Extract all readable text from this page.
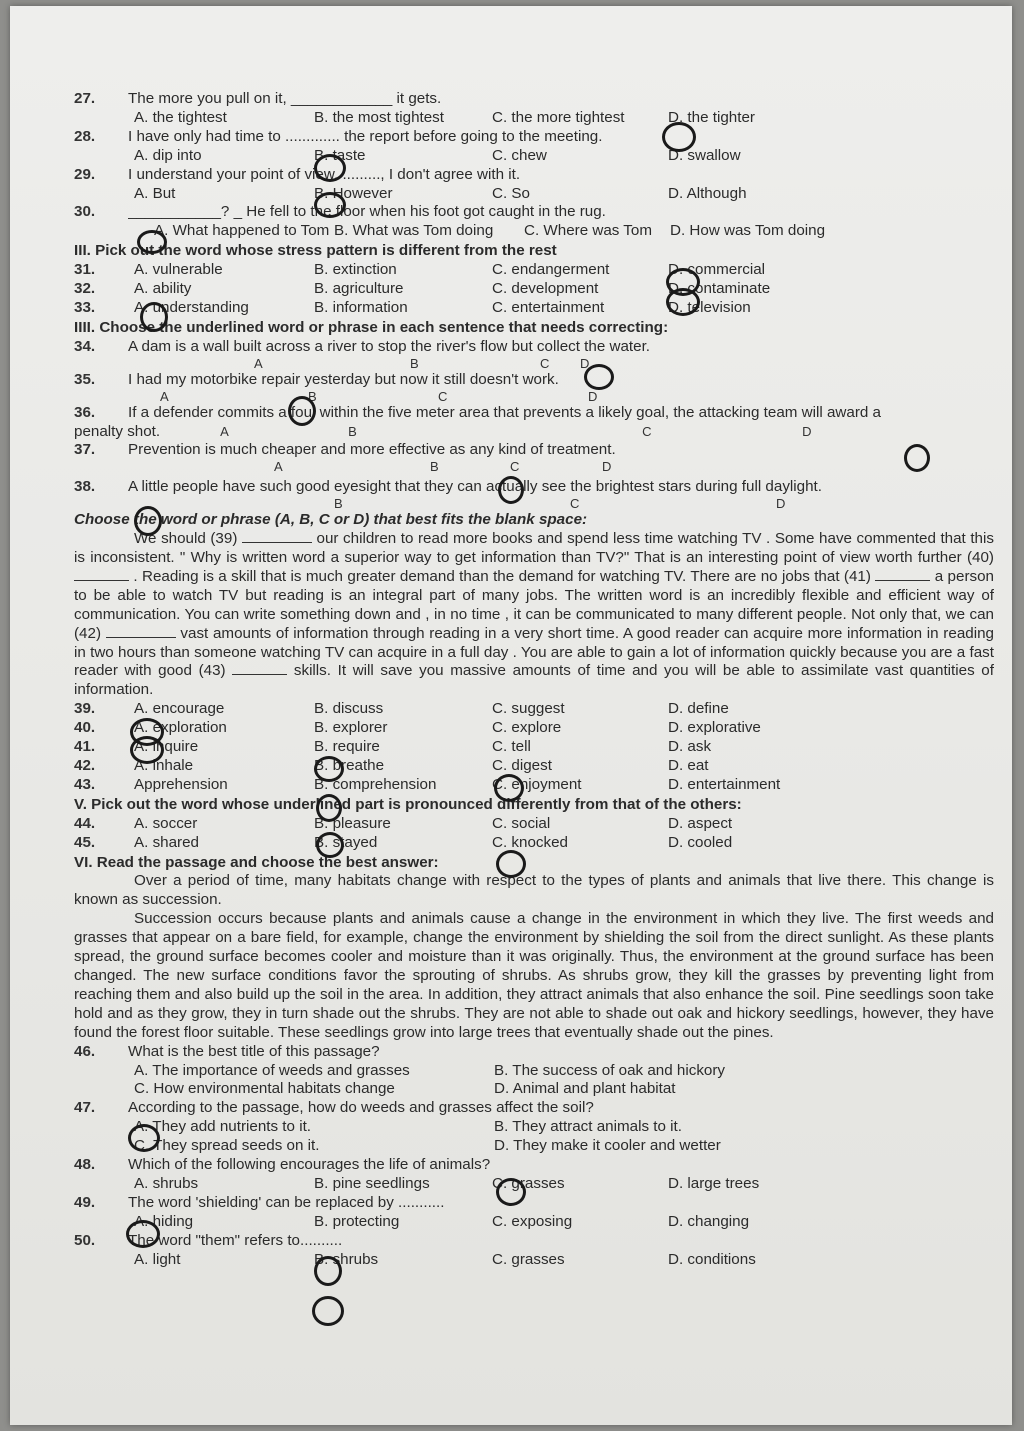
27.	The more you pull on it, ____________ it gets.
A. the tightest	B. the most tightest	C. the more tightest	D. the tighter
28.	I have only had time to ............. the report before going to the meeting.
A. dip into	B. taste	C. chew	D. swallow
29.	I understand your point of view. ........., I don't agree with it.
A. But	B. However	C. So	D. Although
30.	___________? _ He fell to the floor when his foot got caught in the rug.
A. What happened to Tom B. What was Tom doing	C. Where was Tom	D. How was Tom doing
III. Pick out the word whose stress pattern is different from the rest
31.	A. vulnerable	B. extinction	C. endangerment	D. commercial
32.	A. ability	B. agriculture	C. development	D. contaminate
33.	A. understanding	B. information	C. entertainment	D. television
IIII. Choose the underlined word or phrase in each sentence that needs correcting:
34.	A dam is a wall built across a river to stop the river's flow but collect the water.
A	B	C	D
35.	I had my motorbike repair yesterday but now it still doesn't work.
A	B	C	D
36.	If a defender commits a foul within the five meter area that prevents a likely goal, the attacking team will award a
penalty shot.	A	B	C	D
37.	Prevention is much cheaper and more effective as any kind of treatment.
A	B	C	D
38.	A little people have such good eyesight that they can actually see the brightest stars during full daylight.
B	C	D
Choose the word or phrase (A, B, C or D) that best fits the blank space:
We should (39)	our children to read more books and spend less time watching TV . Some have commented that this is inconsistent. " Why is written word a superior way to get information than TV?" That is an interesting point of view worth further (40)  . Reading is a skill that is much greater demand than the demand for watching TV. There are no jobs that (41)	a person to be able to watch TV but reading is an integral part of many jobs. The written word is an incredibly flexible and efficient way of communication. You can write something down and , in no time , it can be communicated to many different people. Not only that, we can (42)	vast amounts of information through reading in a very short time. A good reader can acquire more information in reading in two hours than someone watching TV can acquire in a full day . You are able to gain a lot of information quickly because you are a fast reader with good (43)	skills. It will save you massive amounts of time and you will be able to assimilate vast quantities of information.
39.	A. encourage	B. discuss	C. suggest	D. define
40.	A. exploration	B. explorer	C. explore	D. explorative
41.	A. inquire	B. require	C. tell	D. ask
42.	A. inhale	B. breathe	C. digest	D. eat
43.	Apprehension	B. comprehension	C. enjoyment	D. entertainment
V. Pick out the word whose underlined part is pronounced differently from that of the others:
44.	A. soccer	B. pleasure	C. social	D. aspect
45.	A. shared	B. stayed	C. knocked	D. cooled
VI. Read the passage and choose the best answer:
Over a period of time, many habitats change with respect to the types of plants and animals that live there. This change is known as succession.
Succession occurs because plants and animals cause a change in the environment in which they live. The first weeds and grasses that appear on a bare field, for example, change the environment by shielding the soil from the direct sunlight. As these plants spread, the ground surface becomes cooler and moisture than it was originally. Thus, the environment at the ground surface has been changed. The new surface conditions favor the sprouting of shrubs. As shrubs grow, they kill the grasses by preventing light from reaching them and also build up the soil in the area. In addition, they attract animals that also enhance the soil. Pine seedlings soon take hold and as they grow, they in turn shade out the shrubs. They are not able to shade out oak and hickory seedlings, however, they have found the forest floor suitable. These seedlings grow into large trees that eventually shade out the pines.
46.	What is the best title of this passage?
A. The importance of weeds and grasses	B. The success of oak and hickory
C. How environmental habitats change	D. Animal and plant habitat
47.	According to the passage, how do weeds and grasses affect the soil?
A. They add nutrients to it.	B. They attract animals to it.
C. They spread seeds on it.	D. They make it cooler and wetter
48.	Which of the following encourages the life of animals?
A. shrubs	B. pine seedlings	C. grasses	D. large trees
49.	The word 'shielding' can be replaced by ...........
A. hiding	B. protecting	C. exposing	D. changing
50.	The word "them" refers to..........
A. light	B. shrubs	C. grasses	D. conditions
